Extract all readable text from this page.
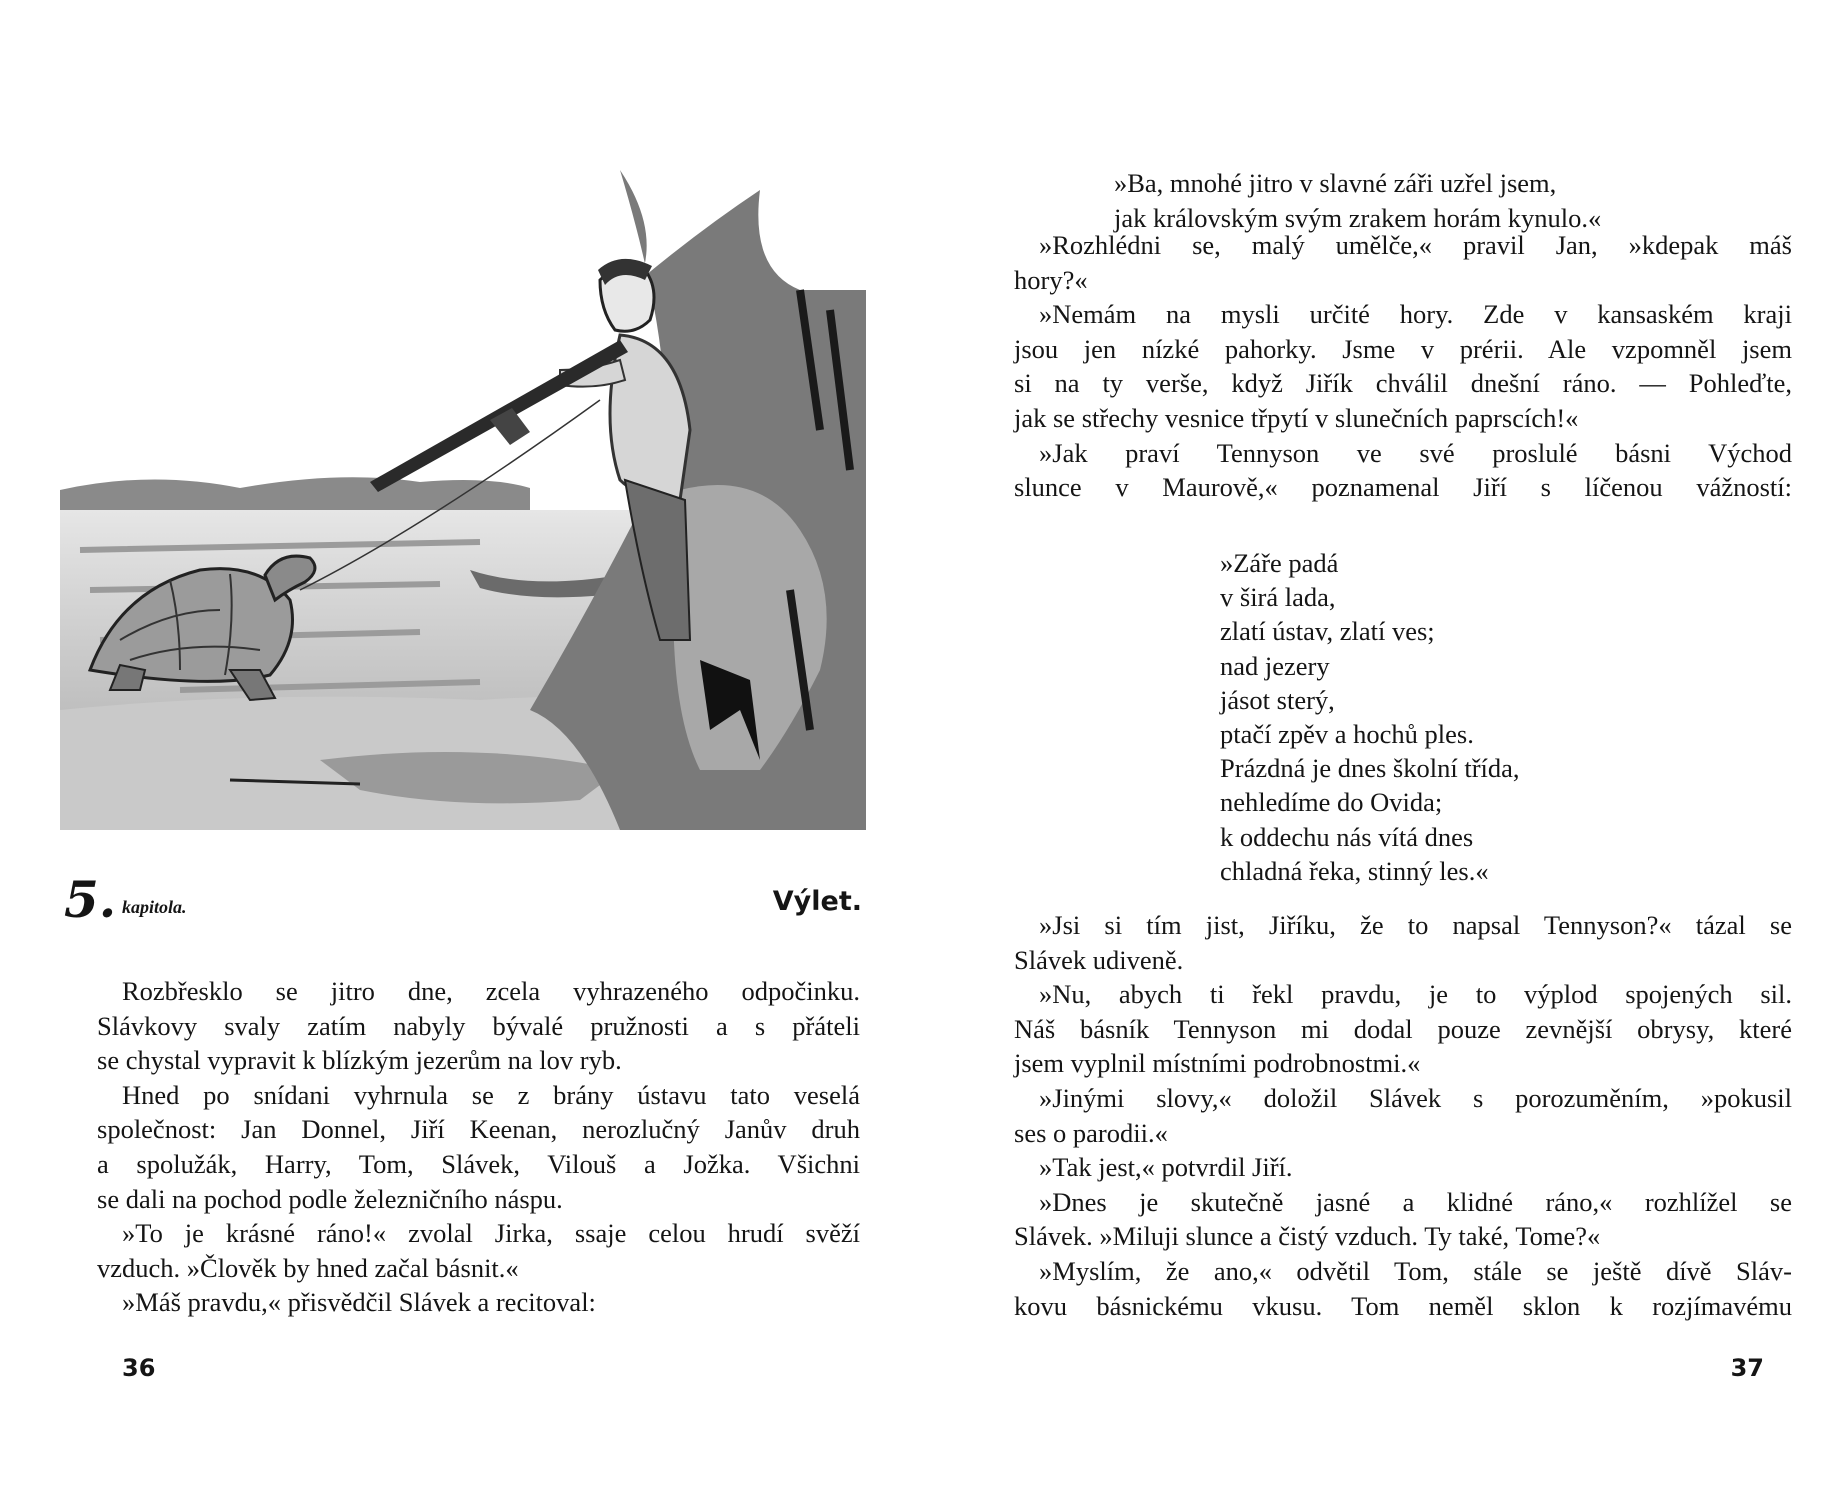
5. kapitola.	Výlet.
Rozbřesklo se jitro dne, zcela vyhrazeného odpočinku.
Slávkovy svaly zatím nabyly bývalé pružnosti a s přáteli
se chystal vypravit k blízkým jezerům na lov ryb.
Hned po snídani vyhrnula se z brány ústavu tato veselá
společnost: Jan Donnel, Jiří Keenan, nerozlučný Janův druh
a spolužák, Harry, Tom, Slávek, Vilouš a Jožka. Všichni
se dali na pochod podle železničního náspu.
»To je krásné ráno!« zvolal Jirka, ssaje celou hrudí svěží
vzduch. »Člověk by hned začal básnit.«
»Máš pravdu,« přisvědčil Slávek a recitoval:
36
»Ba, mnohé jitro v slavné záři uzřel jsem,
jak královským svým zrakem horám kynulo.«
»Rozhlédni se, malý umělče,« pravil Jan, »kdepak máš
hory?«
»Nemám na mysli určité hory. Zde v kansaském kraji
jsou jen nízké pahorky. Jsme v prérii. Ale vzpomněl jsem
si na ty verše, když Jiřík chválil dnešní ráno. — Pohleďte,
jak se střechy vesnice třpytí v slunečních paprscích!«
»Jak praví Tennyson ve své proslulé básni Východ
slunce v Maurově,« poznamenal Jiří s líčenou vážností:
»Záře padá
v širá lada,
zlatí ústav, zlatí ves;
nad jezery
jásot sterý,
ptačí zpěv a hochů ples.
Prázdná je dnes školní třída,
nehledíme do Ovida;
k oddechu nás vítá dnes
chladná řeka, stinný les.«
»Jsi si tím jist, Jiříku, že to napsal Tennyson?« tázal se
Slávek udiveně.
»Nu, abych ti řekl pravdu, je to výplod spojených sil.
Náš básník Tennyson mi dodal pouze zevnější obrysy, které
jsem vyplnil místními podrobnostmi.«
»Jinými slovy,« doložil Slávek s porozuměním, »pokusil
ses o parodii.«
»Tak jest,« potvrdil Jiří.
»Dnes je skutečně jasné a klidné ráno,« rozhlížel se
Slávek. »Miluji slunce a čistý vzduch. Ty také, Tome?«
»Myslím, že ano,« odvětil Tom, stále se ještě dívě Sláv-
kovu básnickému vkusu. Tom neměl sklon k rozjímavému
37
